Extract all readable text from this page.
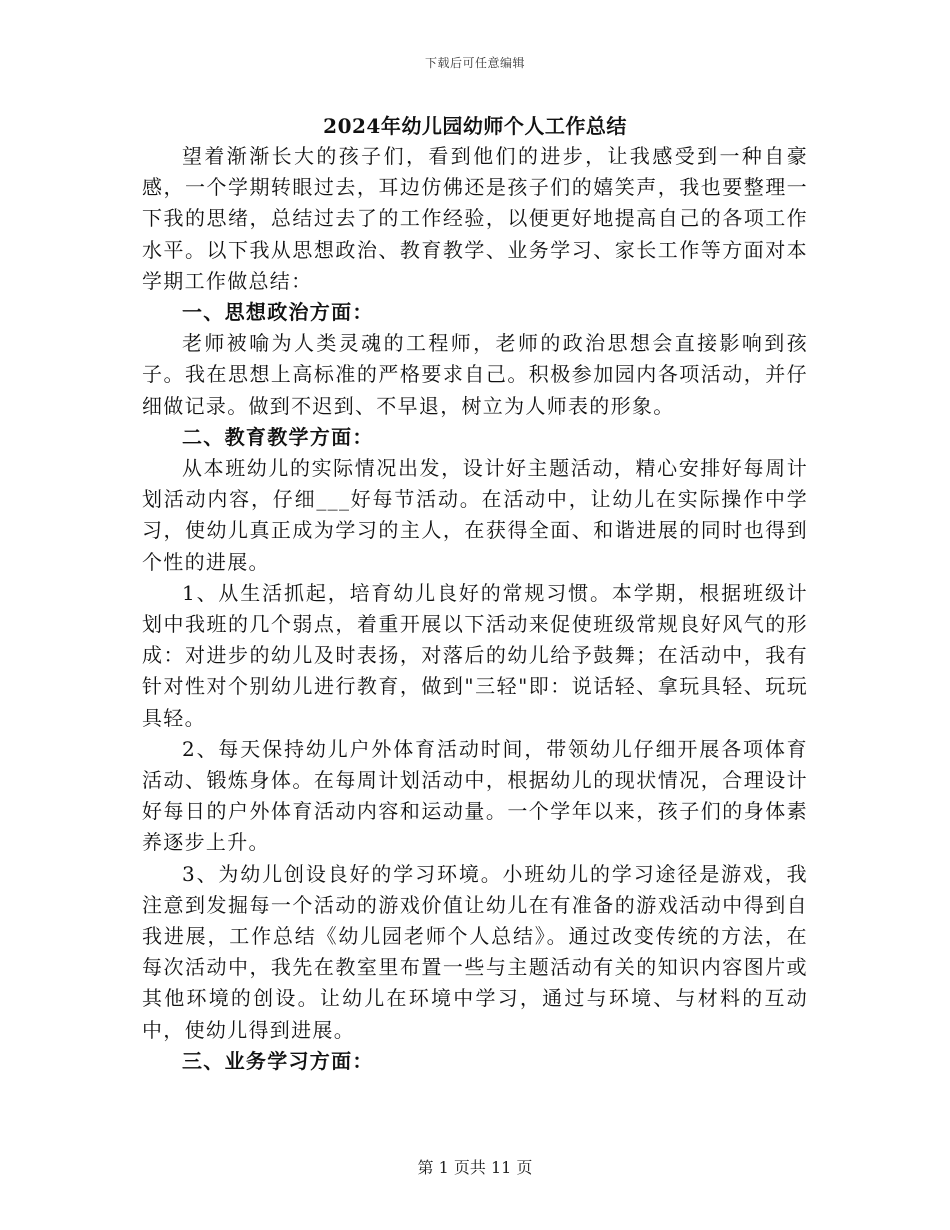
下载后可任意编辑
2024年幼儿园幼师个人工作总结

望着渐渐长大的孩子们，看到他们的进步，让我感受到一种自豪感，一个学期转眼过去，耳边仿佛还是孩子们的嬉笑声，我也要整理一下我的思绪，总结过去了的工作经验，以便更好地提高自己的各项工作水平。以下我从思想政治、教育教学、业务学习、家长工作等方面对本学期工作做总结：

一、思想政治方面：

老师被喻为人类灵魂的工程师，老师的政治思想会直接影响到孩子。我在思想上高标准的严格要求自己。积极参加园内各项活动，并仔细做记录。做到不迟到、不早退，树立为人师表的形象。

二、教育教学方面：

从本班幼儿的实际情况出发，设计好主题活动，精心安排好每周计划活动内容，仔细___好每节活动。在活动中，让幼儿在实际操作中学习，使幼儿真正成为学习的主人，在获得全面、和谐进展的同时也得到个性的进展。

1、从生活抓起，培育幼儿良好的常规习惯。本学期，根据班级计划中我班的几个弱点，着重开展以下活动来促使班级常规良好风气的形成：对进步的幼儿及时表扬，对落后的幼儿给予鼓舞；在活动中，我有针对性对个别幼儿进行教育，做到"三轻"即：说话轻、拿玩具轻、玩玩具轻。

2、每天保持幼儿户外体育活动时间，带领幼儿仔细开展各项体育活动、锻炼身体。在每周计划活动中，根据幼儿的现状情况，合理设计好每日的户外体育活动内容和运动量。一个学年以来，孩子们的身体素养逐步上升。

3、为幼儿创设良好的学习环境。小班幼儿的学习途径是游戏，我注意到发掘每一个活动的游戏价值让幼儿在有准备的游戏活动中得到自我进展，工作总结《幼儿园老师个人总结》。通过改变传统的方法，在每次活动中，我先在教室里布置一些与主题活动有关的知识内容图片或其他环境的创设。让幼儿在环境中学习，通过与环境、与材料的互动中，使幼儿得到进展。

三、业务学习方面：

第 1 页共 11 页
